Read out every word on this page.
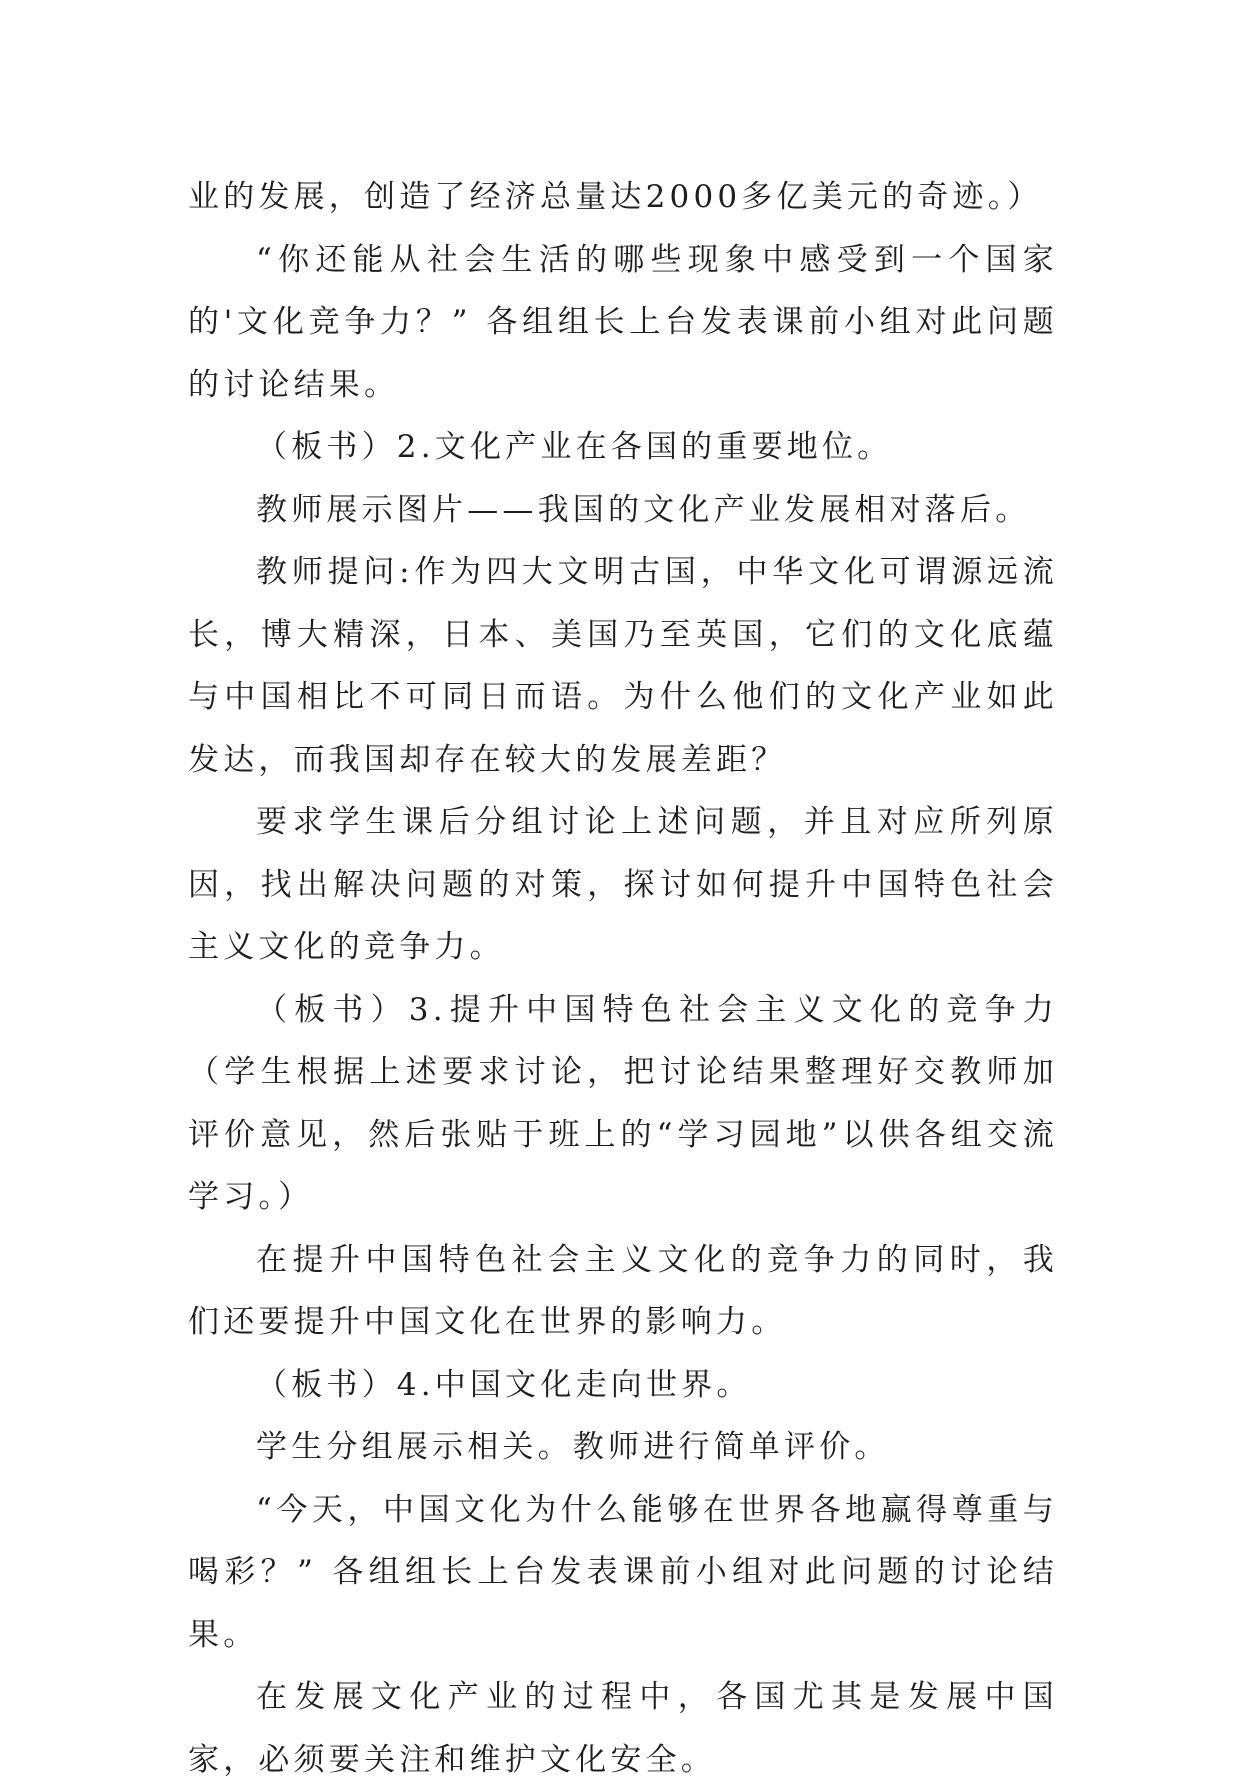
业的发展，创造了经济总量达2000多亿美元的奇迹。）

“你还能从社会生活的哪些现象中感受到一个国家的'文化竞争力？” 各组组长上台发表课前小组对此问题的讨论结果。

（板书）2.文化产业在各国的重要地位。

教师展示图片——我国的文化产业发展相对落后。

教师提问:作为四大文明古国，中华文化可谓源远流长，博大精深，日本、美国乃至英国，它们的文化底蕴与中国相比不可同日而语。为什么他们的文化产业如此发达，而我国却存在较大的发展差距？

要求学生课后分组讨论上述问题，并且对应所列原因，找出解决问题的对策，探讨如何提升中国特色社会主义文化的竞争力。

（板书）3.提升中国特色社会主义文化的竞争力（学生根据上述要求讨论，把讨论结果整理好交教师加评价意见，然后张贴于班上的“学习园地”以供各组交流学习。）

在提升中国特色社会主义文化的竞争力的同时，我们还要提升中国文化在世界的影响力。

（板书）4.中国文化走向世界。

学生分组展示相关。教师进行简单评价。

“今天，中国文化为什么能够在世界各地赢得尊重与喝彩？” 各组组长上台发表课前小组对此问题的讨论结果。

在发展文化产业的过程中，各国尤其是发展中国家，必须要关注和维护文化安全。
